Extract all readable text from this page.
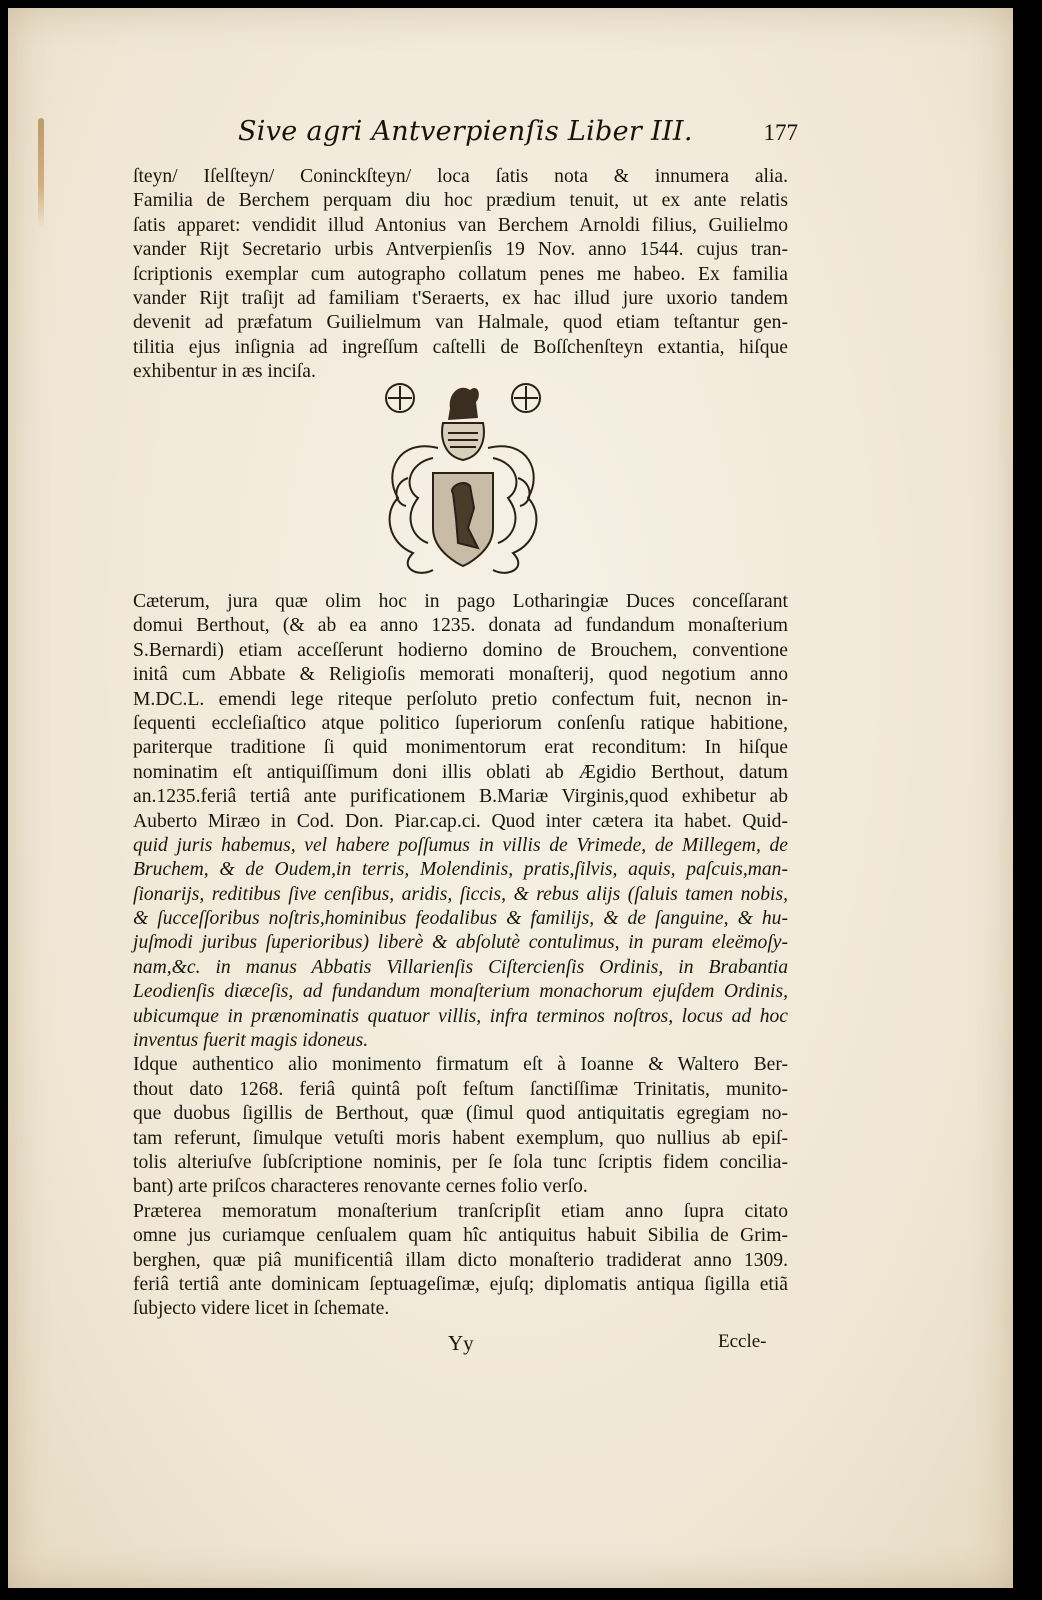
Sive agri Antverpienſis Liber III.	177
ſteyn/ Iſelſteyn/ Coninckſteyn/ loca ſatis nota & innumera alia.
Familia de Berchem perquam diu hoc prædium tenuit, ut ex ante relatis
ſatis apparet: vendidit illud Antonius van Berchem Arnoldi filius, Guilielmo
vander Rijt Secretario urbis Antverpienſis 19 Nov. anno 1544. cujus tran-
ſcriptionis exemplar cum autographo collatum penes me habeo. Ex familia
vander Rijt traſijt ad familiam t'Seraerts, ex hac illud jure uxorio tandem
devenit ad præfatum Guilielmum van Halmale, quod etiam teſtantur gen-
tilitia ejus inſignia ad ingreſſum caſtelli de Boſſchenſteyn extantia, hiſque
exhibentur in æs inciſa.
Cæterum, jura quæ olim hoc in pago Lotharingiæ Duces conceſſarant
domui Berthout, (& ab ea anno 1235. donata ad fundandum monaſterium
S.Bernardi) etiam acceſſerunt hodierno domino de Brouchem, conventione
initâ cum Abbate & Religioſis memorati monaſterij, quod negotium anno
M.DC.L. emendi lege riteque perſoluto pretio confectum fuit, necnon in-
ſequenti eccleſiaſtico atque politico ſuperiorum conſenſu ratique habitione,
pariterque traditione ſi quid monimentorum erat reconditum: In hiſque
nominatim eſt antiquiſſimum doni illis oblati ab Ægidio Berthout, datum
an.1235.feriâ tertiâ ante purificationem B.Mariæ Virginis,quod exhibetur ab
Auberto Miræo in Cod. Don. Piar.cap.ci. Quod inter cætera ita habet. Quid-
quid juris habemus, vel habere poſſumus in villis de Vrimede, de Millegem, de
Bruchem, & de Oudem,in terris, Molendinis, pratis,ſilvis, aquis, paſcuis,man-
ſionarijs, reditibus ſive cenſibus, aridis, ſiccis, & rebus alijs (ſaluis tamen nobis,
& ſucceſſoribus noſtris,hominibus feodalibus & familijs, & de ſanguine, & hu-
juſmodi juribus ſuperioribus) liberè & abſolutè contulimus, in puram eleëmoſy-
nam,&c. in manus Abbatis Villarienſis Ciſtercienſis Ordinis, in Brabantia
Leodienſis diæceſis, ad fundandum monaſterium monachorum ejuſdem Ordinis,
ubicumque in prænominatis quatuor villis, infra terminos noſtros, locus ad hoc
inventus fuerit magis idoneus.
Idque authentico alio monimento firmatum eſt à Ioanne & Waltero Ber-
thout dato 1268. feriâ quintâ poſt feſtum ſanctiſſimæ Trinitatis, munito-
que duobus ſigillis de Berthout, quæ (ſimul quod antiquitatis egregiam no-
tam referunt, ſimulque vetuſti moris habent exemplum, quo nullius ab epiſ-
tolis alteriuſve ſubſcriptione nominis, per ſe ſola tunc ſcriptis fidem concilia-
bant) arte priſcos characteres renovante cernes folio verſo.
Præterea memoratum monaſterium tranſcripſit etiam anno ſupra citato
omne jus curiamque cenſualem quam hîc antiquitus habuit Sibilia de Grim-
berghen, quæ piâ munificentiâ illam dicto monaſterio tradiderat anno 1309.
feriâ tertiâ ante dominicam ſeptuageſimæ, ejuſq; diplomatis antiqua ſigilla etiã
ſubjecto videre licet in ſchemate.
Yy	Eccle-
